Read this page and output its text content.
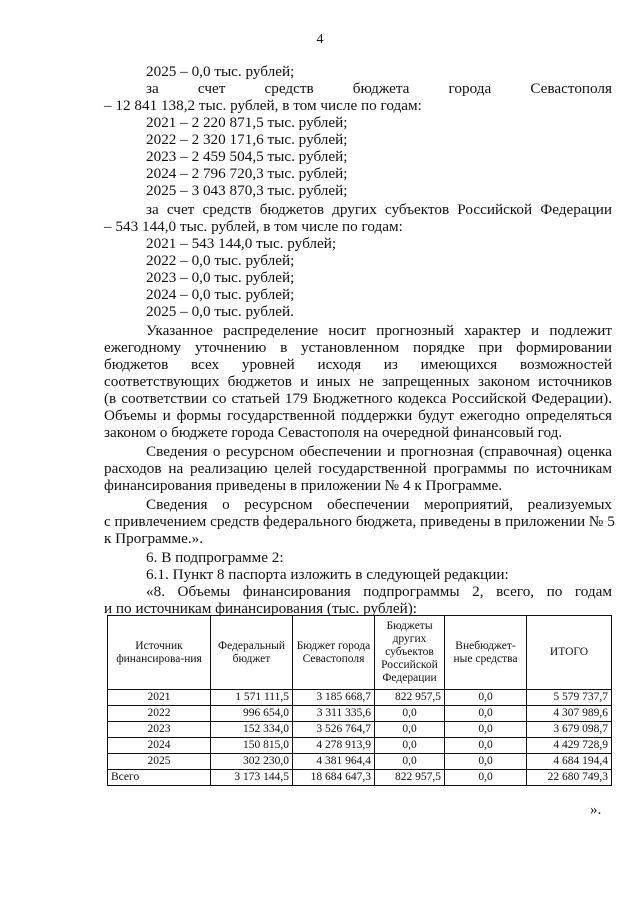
4
2025 – 0,0 тыс. рублей;
за счет средств бюджета города Севастополя
– 12 841 138,2 тыс. рублей, в том числе по годам:
2021 – 2 220 871,5 тыс. рублей;
2022 – 2 320 171,6 тыс. рублей;
2023 – 2 459 504,5 тыс. рублей;
2024 – 2 796 720,3 тыс. рублей;
2025 – 3 043 870,3 тыс. рублей;
за счет средств бюджетов других субъектов Российской Федерации
– 543 144,0 тыс. рублей, в том числе по годам:
2021 – 543 144,0 тыс. рублей;
2022 – 0,0 тыс. рублей;
2023 – 0,0 тыс. рублей;
2024 – 0,0 тыс. рублей;
2025 – 0,0 тыс. рублей.
Указанное распределение носит прогнозный характер и подлежит
ежегодному уточнению в установленном порядке при формировании
бюджетов всех уровней исходя из имеющихся возможностей
соответствующих бюджетов и иных не запрещенных законом источников
(в соответствии со статьей 179 Бюджетного кодекса Российской Федерации).
Объемы и формы государственной поддержки будут ежегодно определяться
законом о бюджете города Севастополя на очередной финансовый год.
Сведения о ресурсном обеспечении и прогнозная (справочная) оценка
расходов на реализацию целей государственной программы по источникам
финансирования приведены в приложении № 4 к Программе.
Сведения о ресурсном обеспечении мероприятий, реализуемых
с привлечением средств федерального бюджета, приведены в приложении № 5
к Программе.».
6. В подпрограмме 2:
6.1. Пункт 8 паспорта изложить в следующей редакции:
«8. Объемы финансирования подпрограммы 2, всего, по годам
и по источникам финансирования (тыс. рублей):
Источник финансирова-ния	Федеральный бюджет	Бюджет города Севастополя	Бюджеты других субъектов Российской Федерации	Внебюджет-ные средства	ИТОГО
2021	1 571 111,5	3 185 668,7	822 957,5	0,0	5 579 737,7
2022	996 654,0	3 311 335,6	0,0	0,0	4 307 989,6
2023	152 334,0	3 526 764,7	0,0	0,0	3 679 098,7
2024	150 815,0	4 278 913,9	0,0	0,0	4 429 728,9
2025	302 230,0	4 381 964,4	0,0	0,0	4 684 194,4
Всего	3 173 144,5	18 684 647,3	822 957,5	0,0	22 680 749,3
».
